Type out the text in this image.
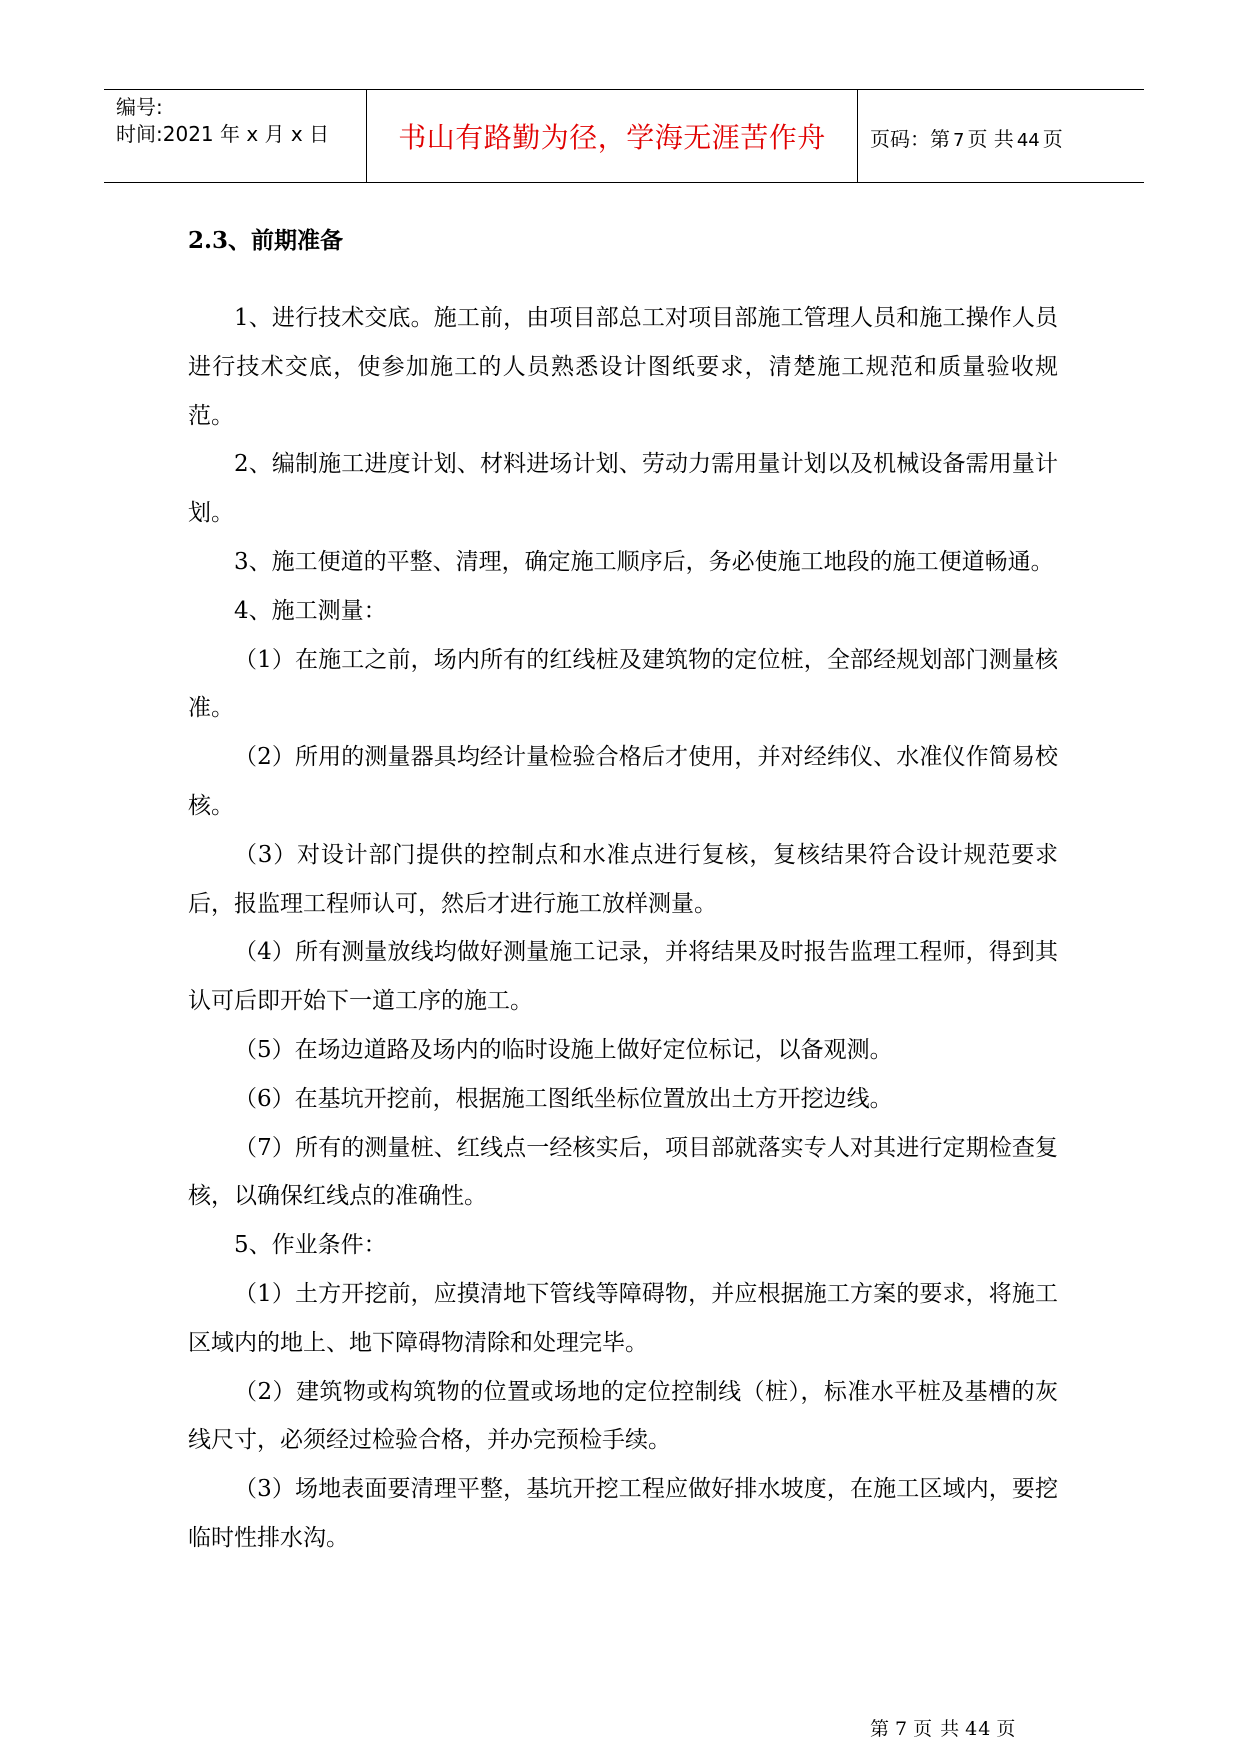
编号:
时间:2021 年 x 月 x 日	书山有路勤为径，学海无涯苦作舟	页码：第 7 页 共 44 页
2.3、前期准备

1、进行技术交底。施工前，由项目部总工对项目部施工管理人员和施工操作人员进行技术交底，使参加施工的人员熟悉设计图纸要求，清楚施工规范和质量验收规范。

2、编制施工进度计划、材料进场计划、劳动力需用量计划以及机械设备需用量计划。

3、施工便道的平整、清理，确定施工顺序后，务必使施工地段的施工便道畅通。

4、施工测量：

（1）在施工之前，场内所有的红线桩及建筑物的定位桩，全部经规划部门测量核准。

（2）所用的测量器具均经计量检验合格后才使用，并对经纬仪、水准仪作简易校核。

（3）对设计部门提供的控制点和水准点进行复核，复核结果符合设计规范要求后，报监理工程师认可，然后才进行施工放样测量。

（4）所有测量放线均做好测量施工记录，并将结果及时报告监理工程师，得到其认可后即开始下一道工序的施工。

（5）在场边道路及场内的临时设施上做好定位标记，以备观测。

（6）在基坑开挖前，根据施工图纸坐标位置放出土方开挖边线。

（7）所有的测量桩、红线点一经核实后，项目部就落实专人对其进行定期检查复核，以确保红线点的准确性。

5、作业条件：

（1）土方开挖前，应摸清地下管线等障碍物，并应根据施工方案的要求，将施工区域内的地上、地下障碍物清除和处理完毕。

（2）建筑物或构筑物的位置或场地的定位控制线（桩），标准水平桩及基槽的灰线尺寸，必须经过检验合格，并办完预检手续。

（3）场地表面要清理平整，基坑开挖工程应做好排水坡度，在施工区域内，要挖临时性排水沟。

第 7 页 共 44 页
